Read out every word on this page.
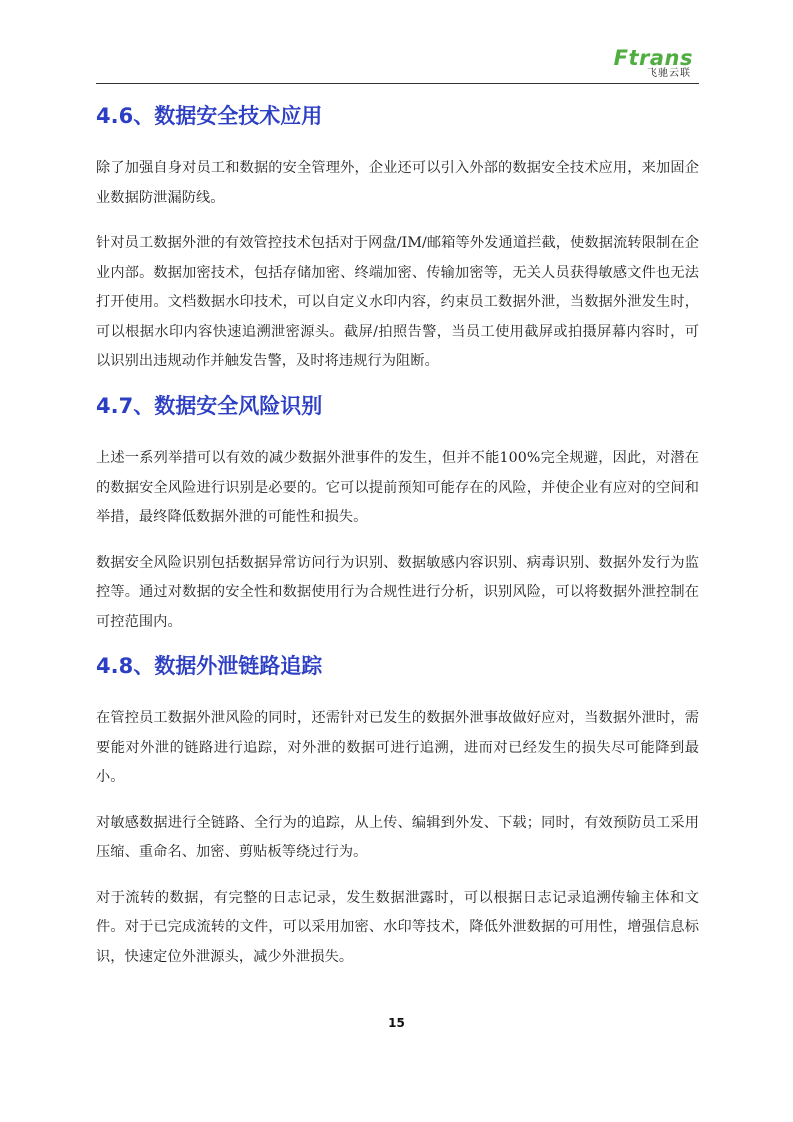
Ftrans
飞驰云联
4.6、数据安全技术应用

除了加强自身对员工和数据的安全管理外，企业还可以引入外部的数据安全技术应用，来加固企业数据防泄漏防线。

针对员工数据外泄的有效管控技术包括对于网盘/IM/邮箱等外发通道拦截，使数据流转限制在企业内部。数据加密技术，包括存储加密、终端加密、传输加密等，无关人员获得敏感文件也无法打开使用。文档数据水印技术，可以自定义水印内容，约束员工数据外泄，当数据外泄发生时，可以根据水印内容快速追溯泄密源头。截屏/拍照告警，当员工使用截屏或拍摄屏幕内容时，可以识别出违规动作并触发告警，及时将违规行为阻断。

4.7、数据安全风险识别

上述一系列举措可以有效的减少数据外泄事件的发生，但并不能100%完全规避，因此，对潜在的数据安全风险进行识别是必要的。它可以提前预知可能存在的风险，并使企业有应对的空间和举措，最终降低数据外泄的可能性和损失。

数据安全风险识别包括数据异常访问行为识别、数据敏感内容识别、病毒识别、数据外发行为监控等。通过对数据的安全性和数据使用行为合规性进行分析，识别风险，可以将数据外泄控制在可控范围内。

4.8、数据外泄链路追踪

在管控员工数据外泄风险的同时，还需针对已发生的数据外泄事故做好应对，当数据外泄时，需要能对外泄的链路进行追踪，对外泄的数据可进行追溯，进而对已经发生的损失尽可能降到最小。

对敏感数据进行全链路、全行为的追踪，从上传、编辑到外发、下载；同时，有效预防员工采用压缩、重命名、加密、剪贴板等绕过行为。

对于流转的数据，有完整的日志记录，发生数据泄露时，可以根据日志记录追溯传输主体和文件。对于已完成流转的文件，可以采用加密、水印等技术，降低外泄数据的可用性，增强信息标识，快速定位外泄源头，减少外泄损失。

15
